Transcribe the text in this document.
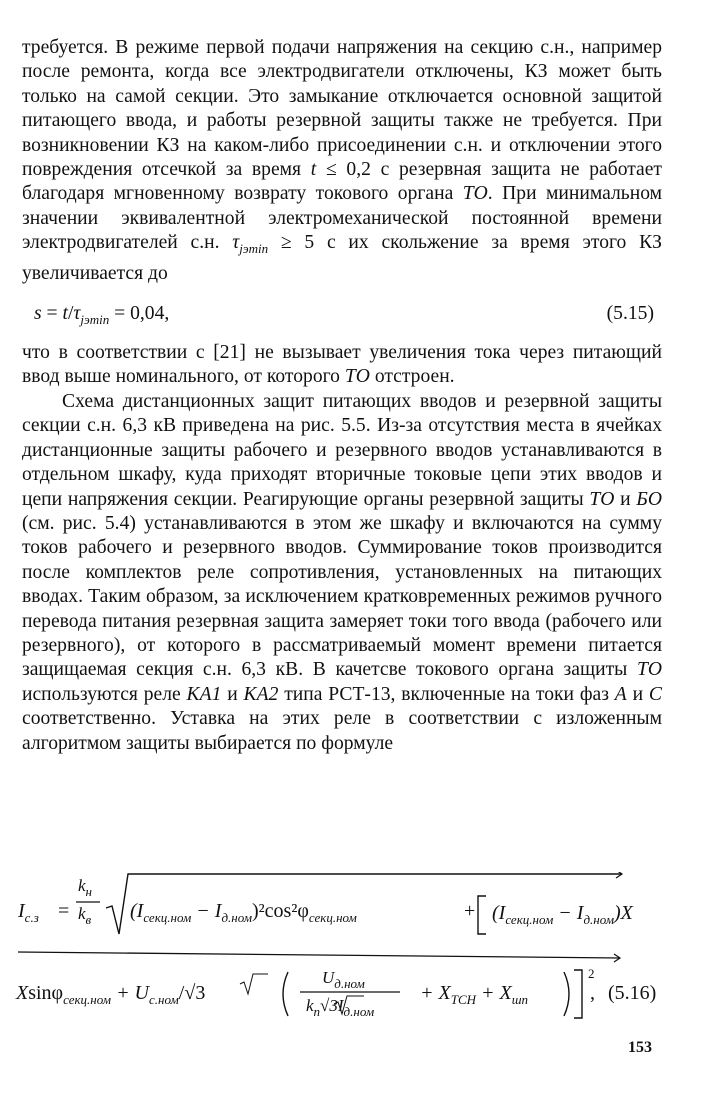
требуется. В режиме первой подачи напряжения на секцию с.н., например после ремонта, когда все электродвигатели отключены, КЗ может быть только на самой секции. Это замыкание отключается основной защитой питающего ввода, и работы резервной защиты также не требуется. При возникновении КЗ на каком-либо присоединении с.н. и отключении этого повреждения отсечкой за время t ≤ 0,2 с резервная защита не работает благодаря мгновенному возврату токового органа ТО. При минимальном значении эквивалентной электромеханической постоянной времени электродвигателей с.н. $\tau_{jэmin} \ge 5$ с их скольжение за время этого КЗ увеличивается до

$s = t/\tau_{jэmin} = 0,04$,	(5.15)

что в соответствии с [21] не вызывает увеличения тока через питающий ввод выше номинального, от которого ТО отстроен.

Схема дистанционных защит питающих вводов и резервной защиты секции с.н. 6,3 кВ приведена на рис. 5.5. Из-за отсутствия места в ячейках дистанционные защиты рабочего и резервного вводов устанавливаются в отдельном шкафу, куда приходят вторичные токовые цепи этих вводов и цепи напряжения секции. Реагирующие органы резервной защиты ТО и БО (см. рис. 5.4) устанавливаются в этом же шкафу и включаются на сумму токов рабочего и резервного вводов. Суммирование токов производится после комплектов реле сопротивления, установленных на питающих вводах. Таким образом, за исключением кратковременных режимов ручного перевода питания резервная защита замеряет токи того ввода (рабочего или резервного), от которого в рассматриваемый момент времени питается защищаемая секция с.н. 6,3 кВ. В качетсве токового органа защиты ТО используются реле KA1 и KA2 типа РСТ-13, включенные на токи фаз А и С соответственно. Уставка на этих реле в соответствии с изложенным алгоритмом защиты выбирается по формуле

$I_{с.з}$ =
$k_н$
$k_в$ $(I_{секц.ном} - I_{д.ном})^2\cos^2\varphi_{секц.ном}$	+ $(I_{секц.ном} - I_{д.ном})X$
$Xsin\varphi_{секц.ном} + U_{с.ном}/√3$
$U_{д.ном}$
$k_п√3I_{д.ном}$
+ $X_{ТСН} + X_{шп}$
2
, (5.16)
153
